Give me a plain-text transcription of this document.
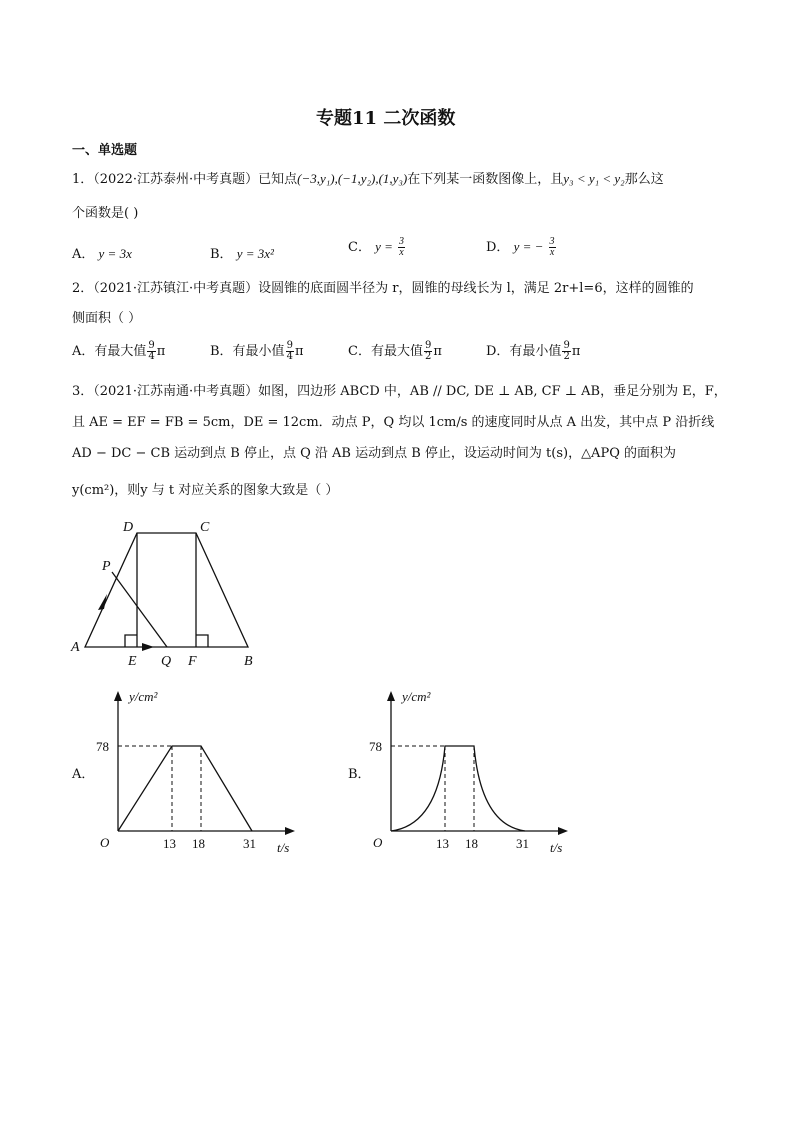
专题11 二次函数
一、单选题
1．（2022·江苏泰州·中考真题）已知点(−3,y₁),(−1,y₂),(1,y₃)在下列某一函数图像上，且y₃ < y₁ < y₂那么这
个函数是( )
A． y = 3x	B． y = 3x²	C． $y = \frac{3}{x}$	D． y = − $\frac{3}{x}$
2．（2021·江苏镇江·中考真题）设圆锥的底面圆半径为 r，圆锥的母线长为 l，满足 2r+l=6，这样的圆锥的
侧面积（ ）
A．有最大值 $\frac{9}{4}$ π	B．有最小值 $\frac{9}{4}$ π	C．有最大值 $\frac{9}{2}$ π	D．有最小值 $\frac{9}{2}$ π
3．（2021·江苏南通·中考真题）如图，四边形 ABCD 中，AB // DC, DE ⊥ AB, CF ⊥ AB，垂足分别为 E，F，
且 AE = EF = FB = 5cm，DE = 12cm．动点 P，Q 均以 1cm/s 的速度同时从点 A 出发，其中点 P 沿折线
AD − DC − CB 运动到点 B 停止，点 Q 沿 AB 运动到点 B 停止，设运动时间为 t(s)，△APQ 的面积为
y(cm²)，则y 与 t 对应关系的图象大致是（ ）
D	C
P
A
E Q F	B
A．
y/cm²
t/s
O
78
13 18	31
B．
y/cm²
t/s
O
78
13 18	31
